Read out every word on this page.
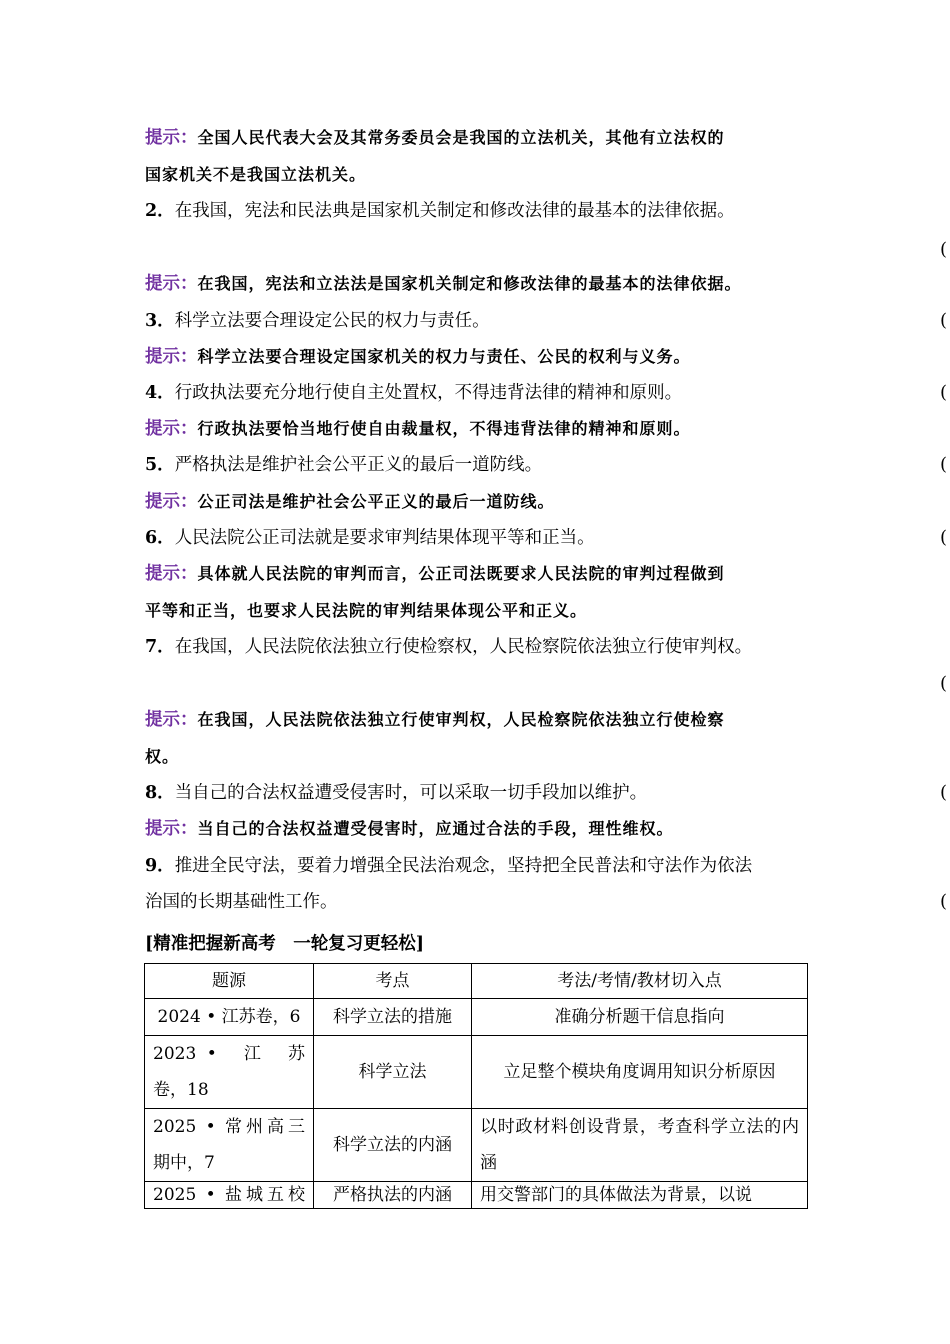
提示：全国人民代表大会及其常务委员会是我国的立法机关，其他有立法权的
国家机关不是我国立法机关。
2．在我国，宪法和民法典是国家机关制定和修改法律的最基本的法律依据。
(
提示：在我国，宪法和立法法是国家机关制定和修改法律的最基本的法律依据。
3．科学立法要合理设定公民的权力与责任。	(
提示：科学立法要合理设定国家机关的权力与责任、公民的权利与义务。
4．行政执法要充分地行使自主处置权，不得违背法律的精神和原则。	(
提示：行政执法要恰当地行使自由裁量权，不得违背法律的精神和原则。
5．严格执法是维护社会公平正义的最后一道防线。	(
提示：公正司法是维护社会公平正义的最后一道防线。
6．人民法院公正司法就是要求审判结果体现平等和正当。	(
提示：具体就人民法院的审判而言，公正司法既要求人民法院的审判过程做到
平等和正当，也要求人民法院的审判结果体现公平和正义。
7．在我国，人民法院依法独立行使检察权，人民检察院依法独立行使审判权。
(
提示：在我国，人民法院依法独立行使审判权，人民检察院依法独立行使检察
权。
8．当自己的合法权益遭受侵害时，可以采取一切手段加以维护。	(
提示：当自己的合法权益遭受侵害时，应通过合法的手段，理性维权。
9．推进全民守法，要着力增强全民法治观念，坚持把全民普法和守法作为依法
治国的长期基础性工作。	(
[精准把握新高考　一轮复习更轻松]
题源	考点	考法/考情/教材切入点
2024 • 江苏卷，6	科学立法的措施	准确分析题干信息指向

2023 •　江　苏
卷，18	科学立法	立足整个模块角度调用知识分析原因

2025 • 常州高三
期中，7	科学立法的内涵	以时政材料创设背景，考查科学立法的内涵
2025 • 盐城五校	严格执法的内涵	用交警部门的具体做法为背景，以说
